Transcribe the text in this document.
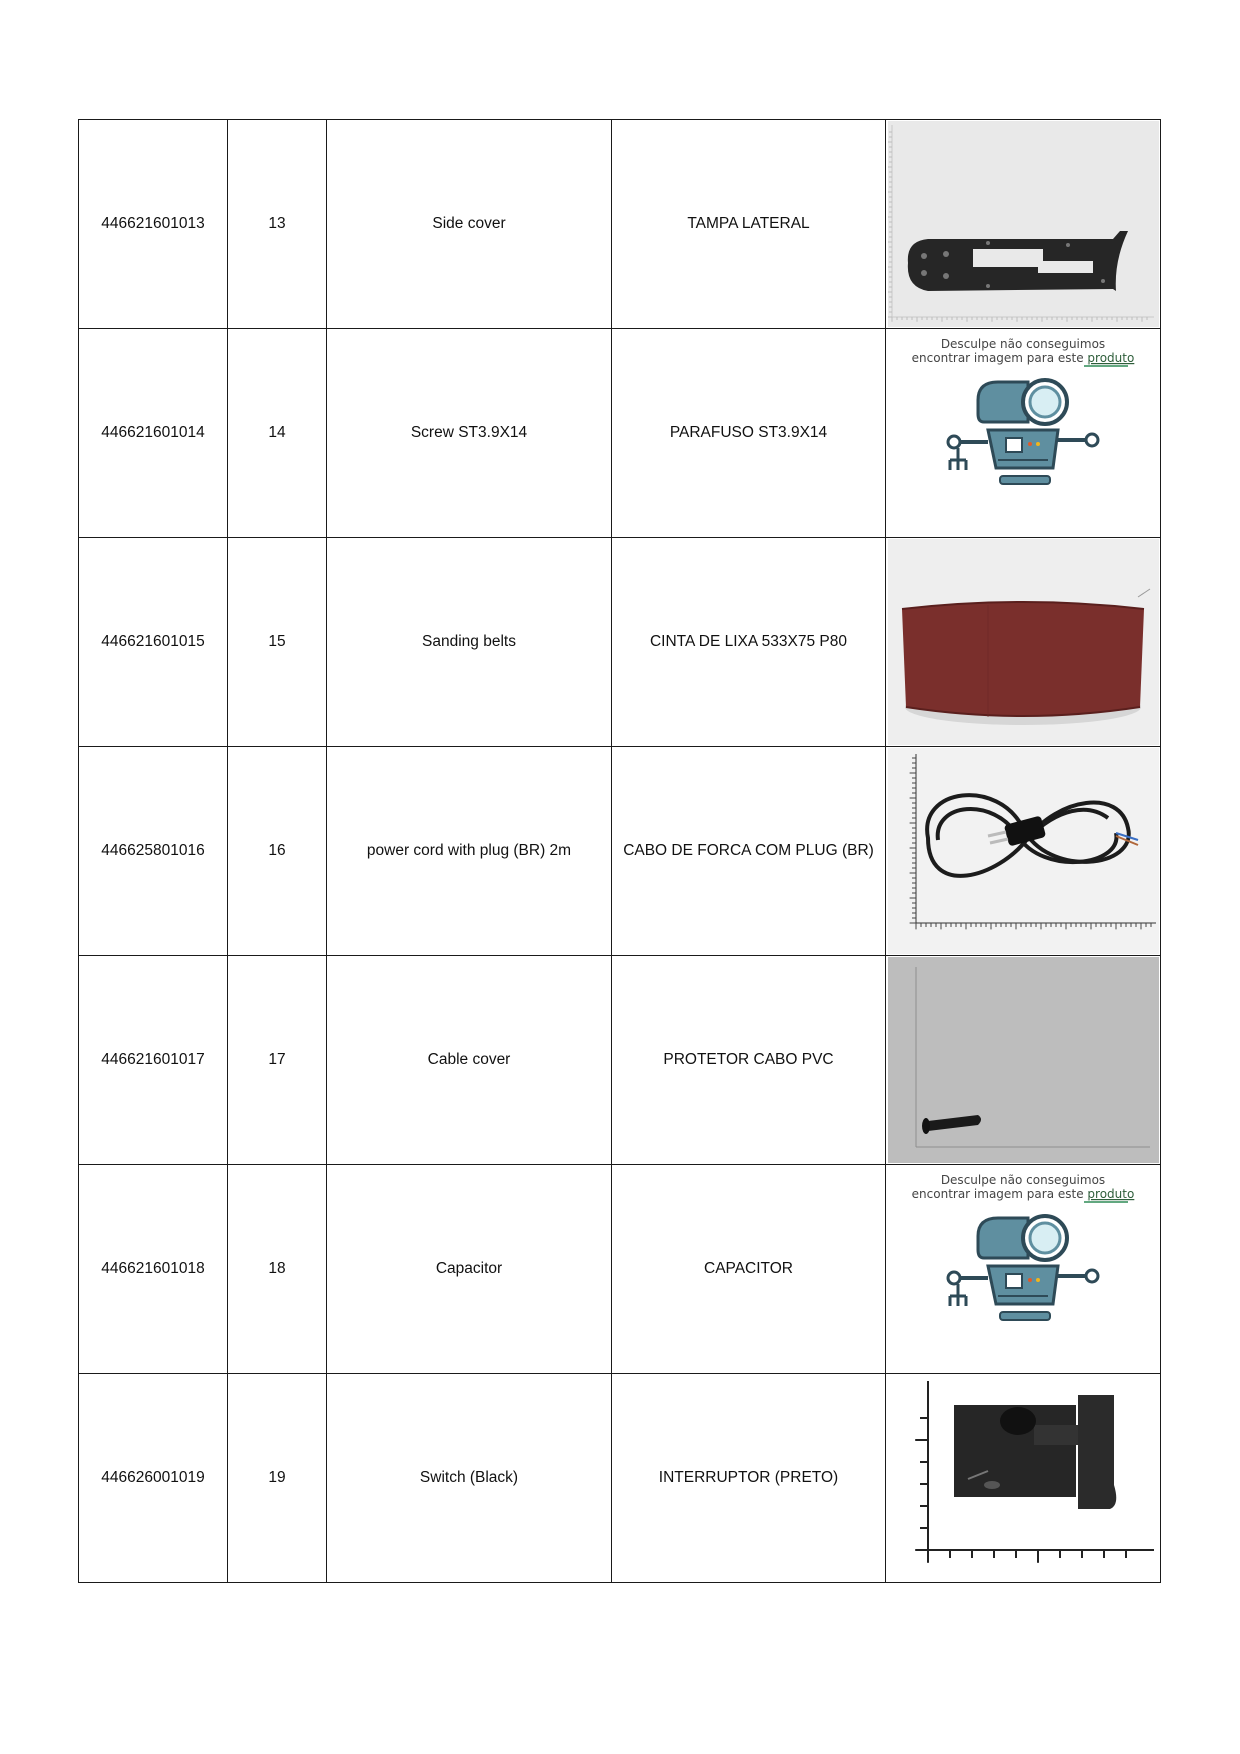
446621601013	13	Side cover	TAMPA LATERAL	

446621601014	14	Screw ST3.9X14	PARAFUSO ST3.9X14	Desculpe não conseguimos
encontrar imagem para este produto

446621601015	15	Sanding belts	CINTA DE LIXA 533X75 P80	

446625801016	16	power cord with plug (BR) 2m	CABO DE FORCA COM PLUG (BR)	

446621601017	17	Cable cover	PROTETOR CABO PVC	

446621601018	18	Capacitor	CAPACITOR	Desculpe não conseguimos
encontrar imagem para este produto

446626001019	19	Switch (Black)	INTERRUPTOR (PRETO)	
